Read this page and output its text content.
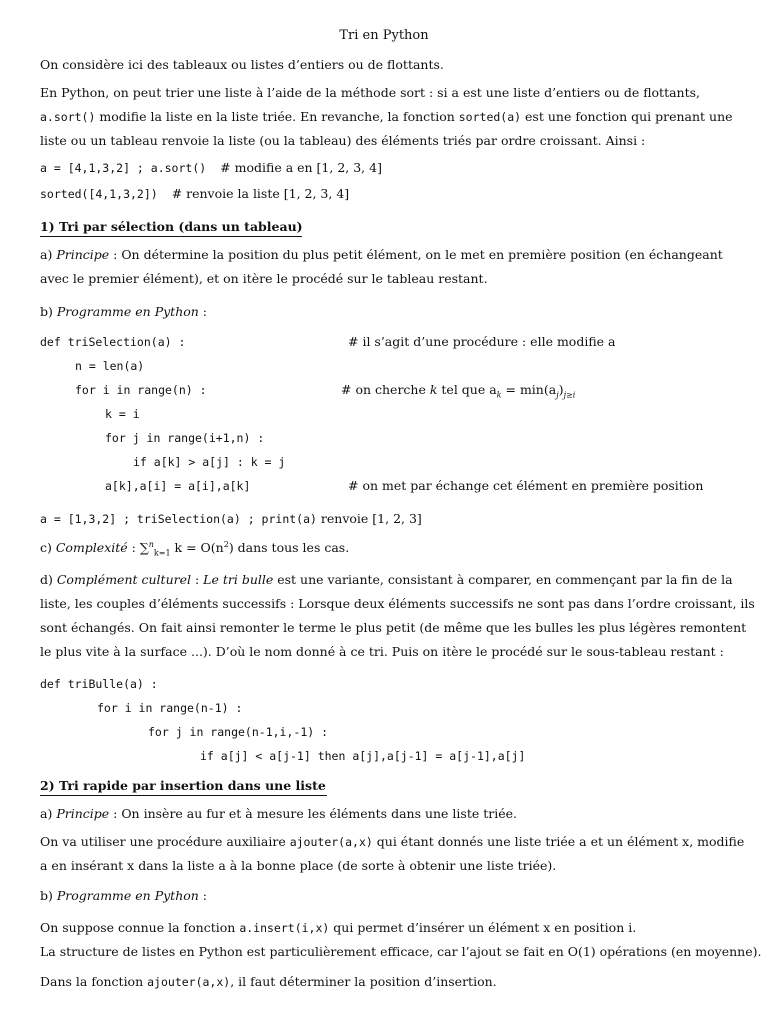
Tri en Python
On considère ici des tableaux ou listes d’entiers ou de flottants.
En Python, on peut trier une liste à l’aide de la méthode sort : si a est une liste d’entiers ou de flottants,
a.sort() modifie la liste en la liste triée. En revanche, la fonction sorted(a) est une fonction qui prenant une
liste ou un tableau renvoie la liste (ou la tableau) des éléments triés par ordre croissant. Ainsi :
a = [4,1,3,2] ; a.sort() # modifie a en [1, 2, 3, 4]
sorted([4,1,3,2]) # renvoie la liste [1, 2, 3, 4]
1) Tri par sélection (dans un tableau)
a) Principe : On détermine la position du plus petit élément, on le met en première position (en échangeant
avec le premier élément), et on itère le procédé sur le tableau restant.
b) Programme en Python :
def triSelection(a) :	# il s’agit d’une procédure : elle modifie a
n = len(a)
for i in range(n) :	# on cherche k tel que $a_k = \min(a_j)_{j\ge i}$
k = i
for j in range(i+1,n) :
if a[k] > a[j] : k = j
a[k],a[i] = a[i],a[k]	# on met par échange cet élément en première position
a = [1,3,2] ; triSelection(a) ; print(a) renvoie [1, 2, 3]
c) Complexité : ∑$^n_{k=1}$ $k = O(n^2)$ dans tous les cas.
d) Complément culturel : Le tri bulle est une variante, consistant à comparer, en commençant par la fin de la
liste, les couples d’éléments successifs : Lorsque deux éléments successifs ne sont pas dans l’ordre croissant, ils
sont échangés. On fait ainsi remonter le terme le plus petit (de même que les bulles les plus légères remontent
le plus vite à la surface ...). D’où le nom donné à ce tri. Puis on itère le procédé sur le sous-tableau restant :
def triBulle(a) :
for i in range(n-1) :
for j in range(n-1,i,-1) :
if a[j] < a[j-1] then a[j],a[j-1] = a[j-1],a[j]
2) Tri rapide par insertion dans une liste
a) Principe : On insère au fur et à mesure les éléments dans une liste triée.
On va utiliser une procédure auxiliaire ajouter(a,x) qui étant donnés une liste triée a et un élément x, modifie
a en insérant x dans la liste a à la bonne place (de sorte à obtenir une liste triée).
b) Programme en Python :
On suppose connue la fonction a.insert(i,x) qui permet d’insérer un élément x en position i.
La structure de listes en Python est particulièrement efficace, car l’ajout se fait en O(1) opérations (en moyenne).
Dans la fonction ajouter(a,x), il faut déterminer la position d’insertion.
